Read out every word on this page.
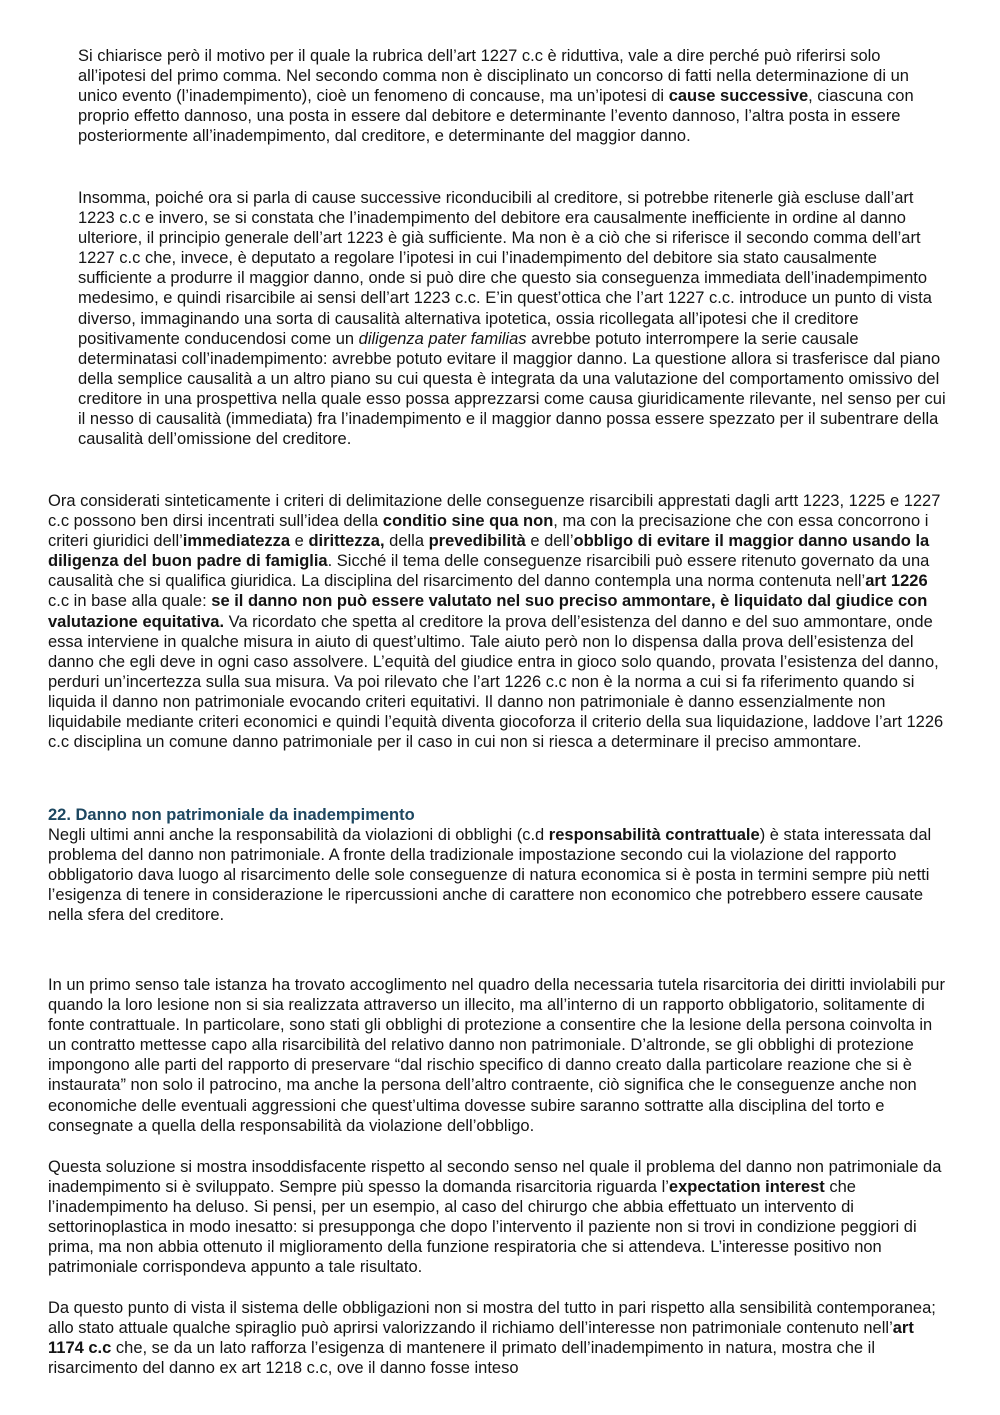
Si chiarisce però il motivo per il quale la rubrica dell’art 1227 c.c è riduttiva, vale a dire perché può riferirsi solo all’ipotesi del primo comma. Nel secondo comma non è disciplinato un concorso di fatti nella determinazione di un unico evento (l’inadempimento), cioè un fenomeno di concause, ma un’ipotesi di cause successive, ciascuna con proprio effetto dannoso, una posta in essere dal debitore e determinante l’evento dannoso, l’altra posta in essere posteriormente all’inadempimento, dal creditore, e determinante del maggior danno.

Insomma, poiché ora si parla di cause successive riconducibili al creditore, si potrebbe ritenerle già escluse dall’art 1223 c.c e invero, se si constata che l’inadempimento del debitore era causalmente inefficiente in ordine al danno ulteriore, il principio generale dell’art 1223 è già sufficiente. Ma non è a ciò che si riferisce il secondo comma dell’art 1227 c.c che, invece, è deputato a regolare l’ipotesi in cui l’inadempimento del debitore sia stato causalmente sufficiente a produrre il maggior danno, onde si può dire che questo sia conseguenza immediata dell’inadempimento medesimo, e quindi risarcibile ai sensi dell’art 1223 c.c. E’in quest’ottica che l’art 1227 c.c. introduce un punto di vista diverso, immaginando una sorta di causalità alternativa ipotetica, ossia ricollegata all’ipotesi che il creditore positivamente conducendosi come un diligenza pater familias avrebbe potuto interrompere la serie causale determinatasi coll’inadempimento: avrebbe potuto evitare il maggior danno. La questione allora si trasferisce dal piano della semplice causalità a un altro piano su cui questa è integrata da una valutazione del comportamento omissivo del creditore in una prospettiva nella quale esso possa apprezzarsi come causa giuridicamente rilevante, nel senso per cui il nesso di causalità (immediata) fra l’inadempimento e il maggior danno possa essere spezzato per il subentrare della causalità dell’omissione del creditore.

Ora considerati sinteticamente i criteri di delimitazione delle conseguenze risarcibili apprestati dagli artt 1223, 1225 e 1227 c.c possono ben dirsi incentrati sull’idea della conditio sine qua non, ma con la precisazione che con essa concorrono i criteri giuridici dell’immediatezza e dirittezza, della prevedibilità e dell’obbligo di evitare il maggior danno usando la diligenza del buon padre di famiglia. Sicché il tema delle conseguenze risarcibili può essere ritenuto governato da una causalità che si qualifica giuridica. La disciplina del risarcimento del danno contempla una norma contenuta nell’art 1226 c.c in base alla quale: se il danno non può essere valutato nel suo preciso ammontare, è liquidato dal giudice con valutazione equitativa. Va ricordato che spetta al creditore la prova dell’esistenza del danno e del suo ammontare, onde essa interviene in qualche misura in aiuto di quest’ultimo. Tale aiuto però non lo dispensa dalla prova dell’esistenza del danno che egli deve in ogni caso assolvere. L’equità del giudice entra in gioco solo quando, provata l’esistenza del danno, perduri un’incertezza sulla sua misura. Va poi rilevato che l’art 1226 c.c non è la norma a cui si fa riferimento quando si liquida il danno non patrimoniale evocando criteri equitativi. Il danno non patrimoniale è danno essenzialmente non liquidabile mediante criteri economici e quindi l’equità diventa giocoforza il criterio della sua liquidazione, laddove l’art 1226 c.c disciplina un comune danno patrimoniale per il caso in cui non si riesca a determinare il preciso ammontare.

22. Danno non patrimoniale da inadempimento

Negli ultimi anni anche la responsabilità da violazioni di obblighi (c.d responsabilità contrattuale) è stata interessata dal problema del danno non patrimoniale. A fronte della tradizionale impostazione secondo cui la violazione del rapporto obbligatorio dava luogo al risarcimento delle sole conseguenze di natura economica si è posta in termini sempre più netti l’esigenza di tenere in considerazione le ripercussioni anche di carattere non economico che potrebbero essere causate nella sfera del creditore.

In un primo senso tale istanza ha trovato accoglimento nel quadro della necessaria tutela risarcitoria dei diritti inviolabili pur quando la loro lesione non si sia realizzata attraverso un illecito, ma all’interno di un rapporto obbligatorio, solitamente di fonte contrattuale. In particolare, sono stati gli obblighi di protezione a consentire che la lesione della persona coinvolta in un contratto mettesse capo alla risarcibilità del relativo danno non patrimoniale. D’altronde, se gli obblighi di protezione impongono alle parti del rapporto di preservare “dal rischio specifico di danno creato dalla particolare reazione che si è instaurata” non solo il patrocino, ma anche la persona dell’altro contraente, ciò significa che le conseguenze anche non economiche delle eventuali aggressioni che quest’ultima dovesse subire saranno sottratte alla disciplina del torto e consegnate a quella della responsabilità da violazione dell’obbligo.

Questa soluzione si mostra insoddisfacente rispetto al secondo senso nel quale il problema del danno non patrimoniale da inadempimento si è sviluppato. Sempre più spesso la domanda risarcitoria riguarda l’expectation interest che l’inadempimento ha deluso. Si pensi, per un esempio, al caso del chirurgo che abbia effettuato un intervento di settorinoplastica in modo inesatto: si presupponga che dopo l’intervento il paziente non si trovi in condizione peggiori di prima, ma non abbia ottenuto il miglioramento della funzione respiratoria che si attendeva. L’interesse positivo non patrimoniale corrispondeva appunto a tale risultato.

Da questo punto di vista il sistema delle obbligazioni non si mostra del tutto in pari rispetto alla sensibilità contemporanea; allo stato attuale qualche spiraglio può aprirsi valorizzando il richiamo dell’interesse non patrimoniale contenuto nell’art 1174 c.c che, se da un lato rafforza l’esigenza di mantenere il primato dell’inadempimento in natura, mostra che il risarcimento del danno ex art 1218 c.c, ove il danno fosse inteso
